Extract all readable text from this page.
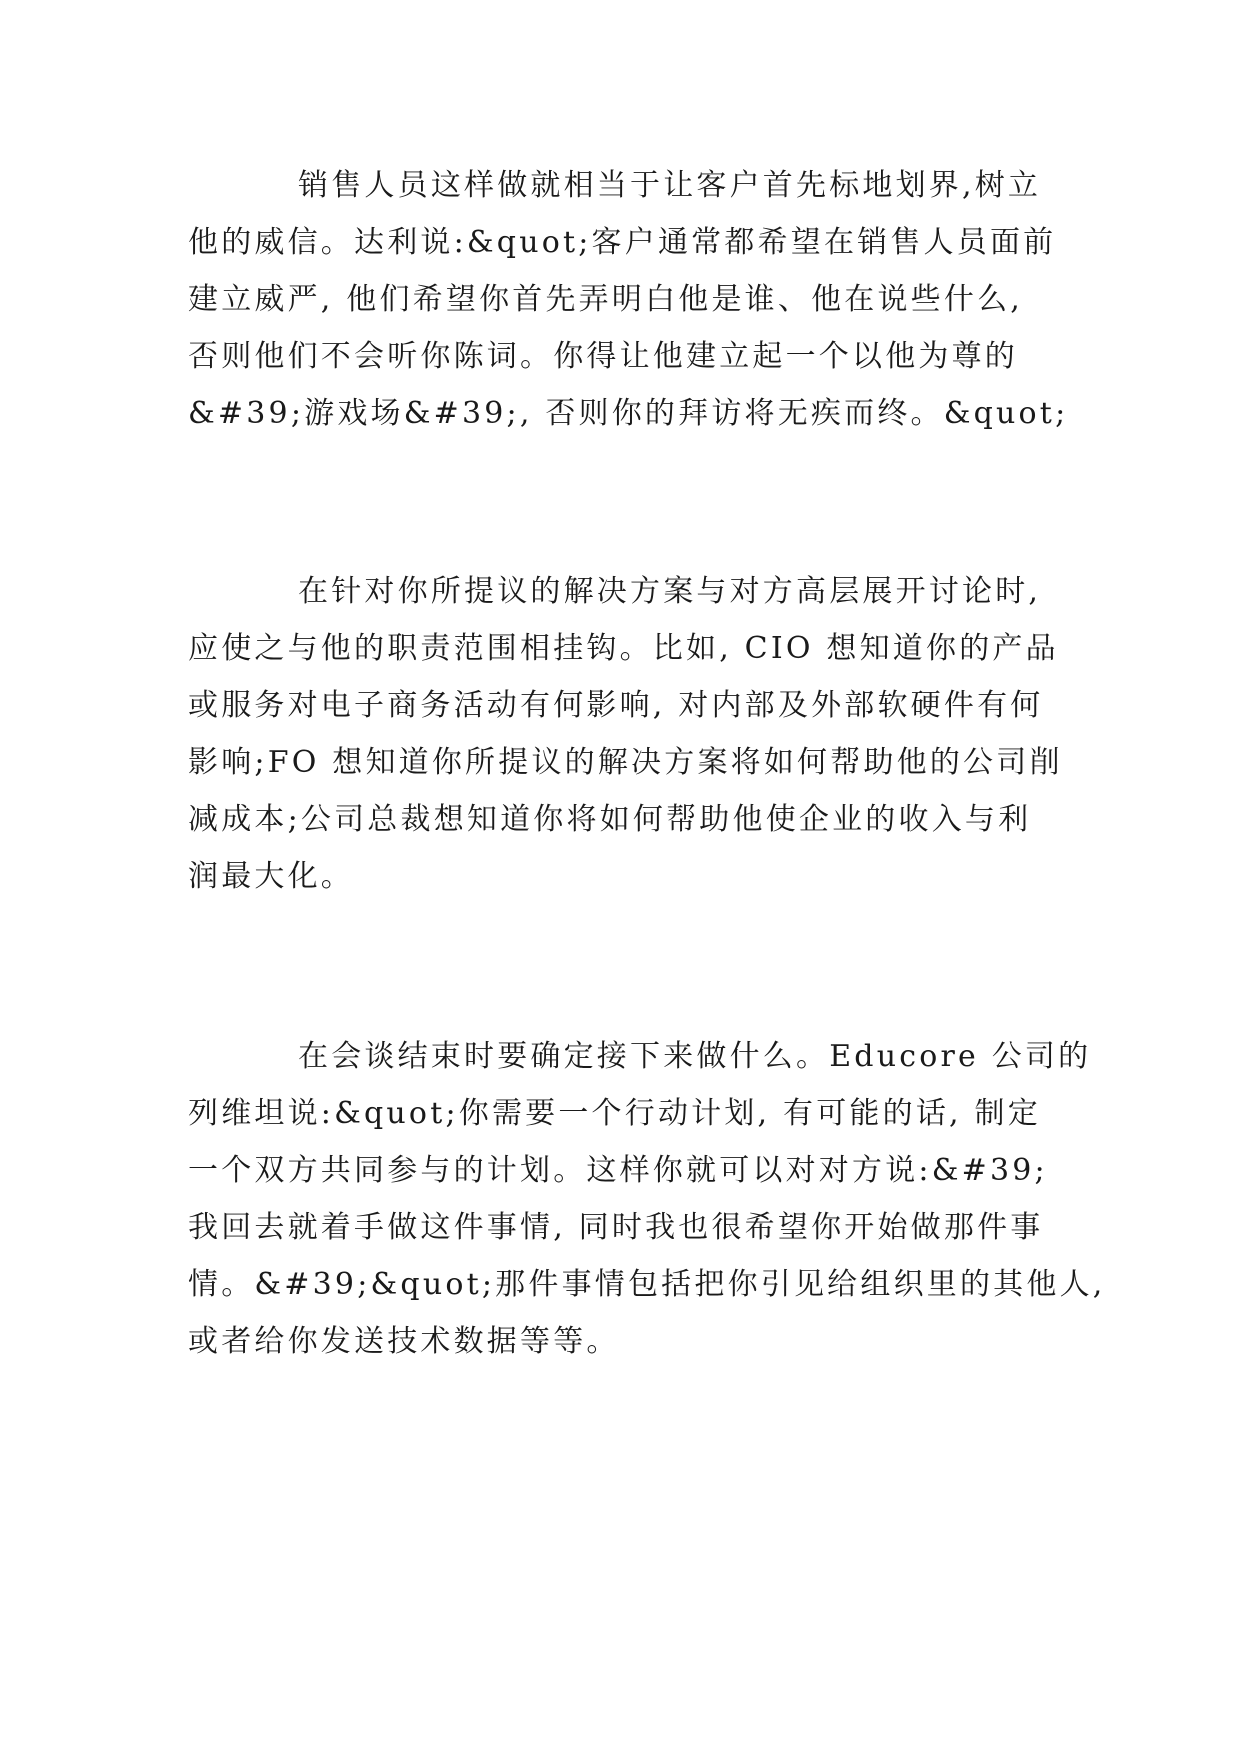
销售人员这样做就相当于让客户首先标地划界,树立
他的威信。达利说:&quot;客户通常都希望在销售人员面前
建立威严, 他们希望你首先弄明白他是谁、他在说些什么,
否则他们不会听你陈词。你得让他建立起一个以他为尊的
&#39;游戏场&#39;, 否则你的拜访将无疾而终。&quot;
在针对你所提议的解决方案与对方高层展开讨论时,
应使之与他的职责范围相挂钩。比如, CIO 想知道你的产品
或服务对电子商务活动有何影响, 对内部及外部软硬件有何
影响;FO 想知道你所提议的解决方案将如何帮助他的公司削
减成本;公司总裁想知道你将如何帮助他使企业的收入与利
润最大化。
在会谈结束时要确定接下来做什么。Educore 公司的
列维坦说:&quot;你需要一个行动计划, 有可能的话, 制定
一个双方共同参与的计划。这样你就可以对对方说:&#39;
我回去就着手做这件事情, 同时我也很希望你开始做那件事
情。&#39;&quot;那件事情包括把你引见给组织里的其他人,
或者给你发送技术数据等等。
